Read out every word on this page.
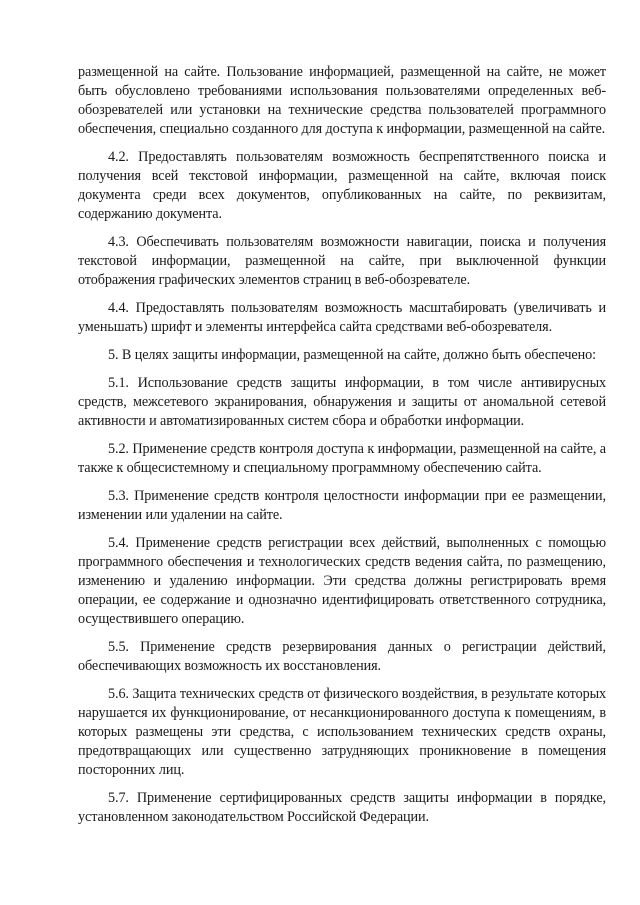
размещенной на сайте. Пользование информацией, размещенной на сайте, не может быть обусловлено требованиями использования пользователями определенных веб-обозревателей или установки на технические средства пользователей программного обеспечения, специально созданного для доступа к информации, размещенной на сайте.

4.2. Предоставлять пользователям возможность беспрепятственного поиска и получения всей текстовой информации, размещенной на сайте, включая поиск документа среди всех документов, опубликованных на сайте, по реквизитам, содержанию документа.

4.3. Обеспечивать пользователям возможности навигации, поиска и получения текстовой информации, размещенной на сайте, при выключенной функции отображения графических элементов страниц в веб-обозревателе.

4.4. Предоставлять пользователям возможность масштабировать (увеличивать и уменьшать) шрифт и элементы интерфейса сайта средствами веб-обозревателя.

5. В целях защиты информации, размещенной на сайте, должно быть обеспечено:

5.1. Использование средств защиты информации, в том числе антивирусных средств, межсетевого экранирования, обнаружения и защиты от аномальной сетевой активности и автоматизированных систем сбора и обработки информации.

5.2. Применение средств контроля доступа к информации, размещенной на сайте, а также к общесистемному и специальному программному обеспечению сайта.

5.3. Применение средств контроля целостности информации при ее размещении, изменении или удалении на сайте.

5.4. Применение средств регистрации всех действий, выполненных с помощью программного обеспечения и технологических средств ведения сайта, по размещению, изменению и удалению информации. Эти средства должны регистрировать время операции, ее содержание и однозначно идентифицировать ответственного сотрудника, осуществившего операцию.

5.5. Применение средств резервирования данных о регистрации действий, обеспечивающих возможность их восстановления.

5.6. Защита технических средств от физического воздействия, в результате которых нарушается их функционирование, от несанкционированного доступа к помещениям, в которых размещены эти средства, с использованием технических средств охраны, предотвращающих или существенно затрудняющих проникновение в помещения посторонних лиц.

5.7. Применение сертифицированных средств защиты информации в порядке, установленном законодательством Российской Федерации.
